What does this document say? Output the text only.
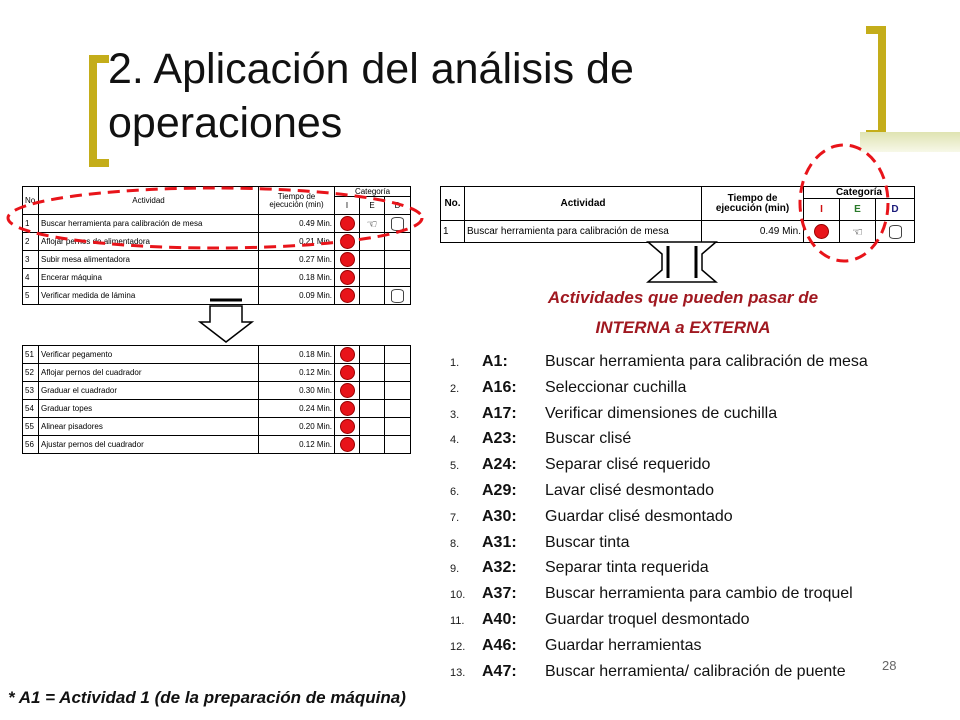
2. Aplicación del análisis de operaciones
No.	Actividad	Tiempo de ejecución (min)	Categoría		
			I	E	D
1	Buscar herramienta para calibración de mesa	0.49 Min.		☜	
2	Aflojar pernos de alimentadora	0.21 Min.			
3	Subir mesa alimentadora	0.27 Min.			
4	Encerar máquina	0.18 Min.			
5	Verificar medida de lámina	0.09 Min.			
51	Verificar pegamento	0.18 Min.			
52	Aflojar pernos del cuadrador	0.12 Min.			
53	Graduar el cuadrador	0.30 Min.			
54	Graduar topes	0.24 Min.			
55	Alinear pisadores	0.20 Min.			
56	Ajustar pernos del cuadrador	0.12 Min.			
No.	Actividad	Tiempo de ejecución (min)	Categoría		
			I	E	D
1	Buscar herramienta para calibración de mesa	0.49 Min.		☜	
Actividades que pueden pasar de
INTERNA a EXTERNA
1. A1: Buscar herramienta para calibración de mesa
2. A16: Seleccionar cuchilla
3. A17: Verificar dimensiones de cuchilla
4. A23: Buscar clisé
5. A24: Separar clisé requerido
6. A29: Lavar clisé desmontado
7. A30: Guardar clisé desmontado
8. A31: Buscar tinta
9. A32: Separar tinta requerida
10. A37: Buscar herramienta para cambio de troquel
11. A40: Guardar troquel desmontado
12. A46: Guardar herramientas
13. A47: Buscar herramienta/ calibración de puente	28
* A1 = Actividad 1 (de la preparación de máquina)
